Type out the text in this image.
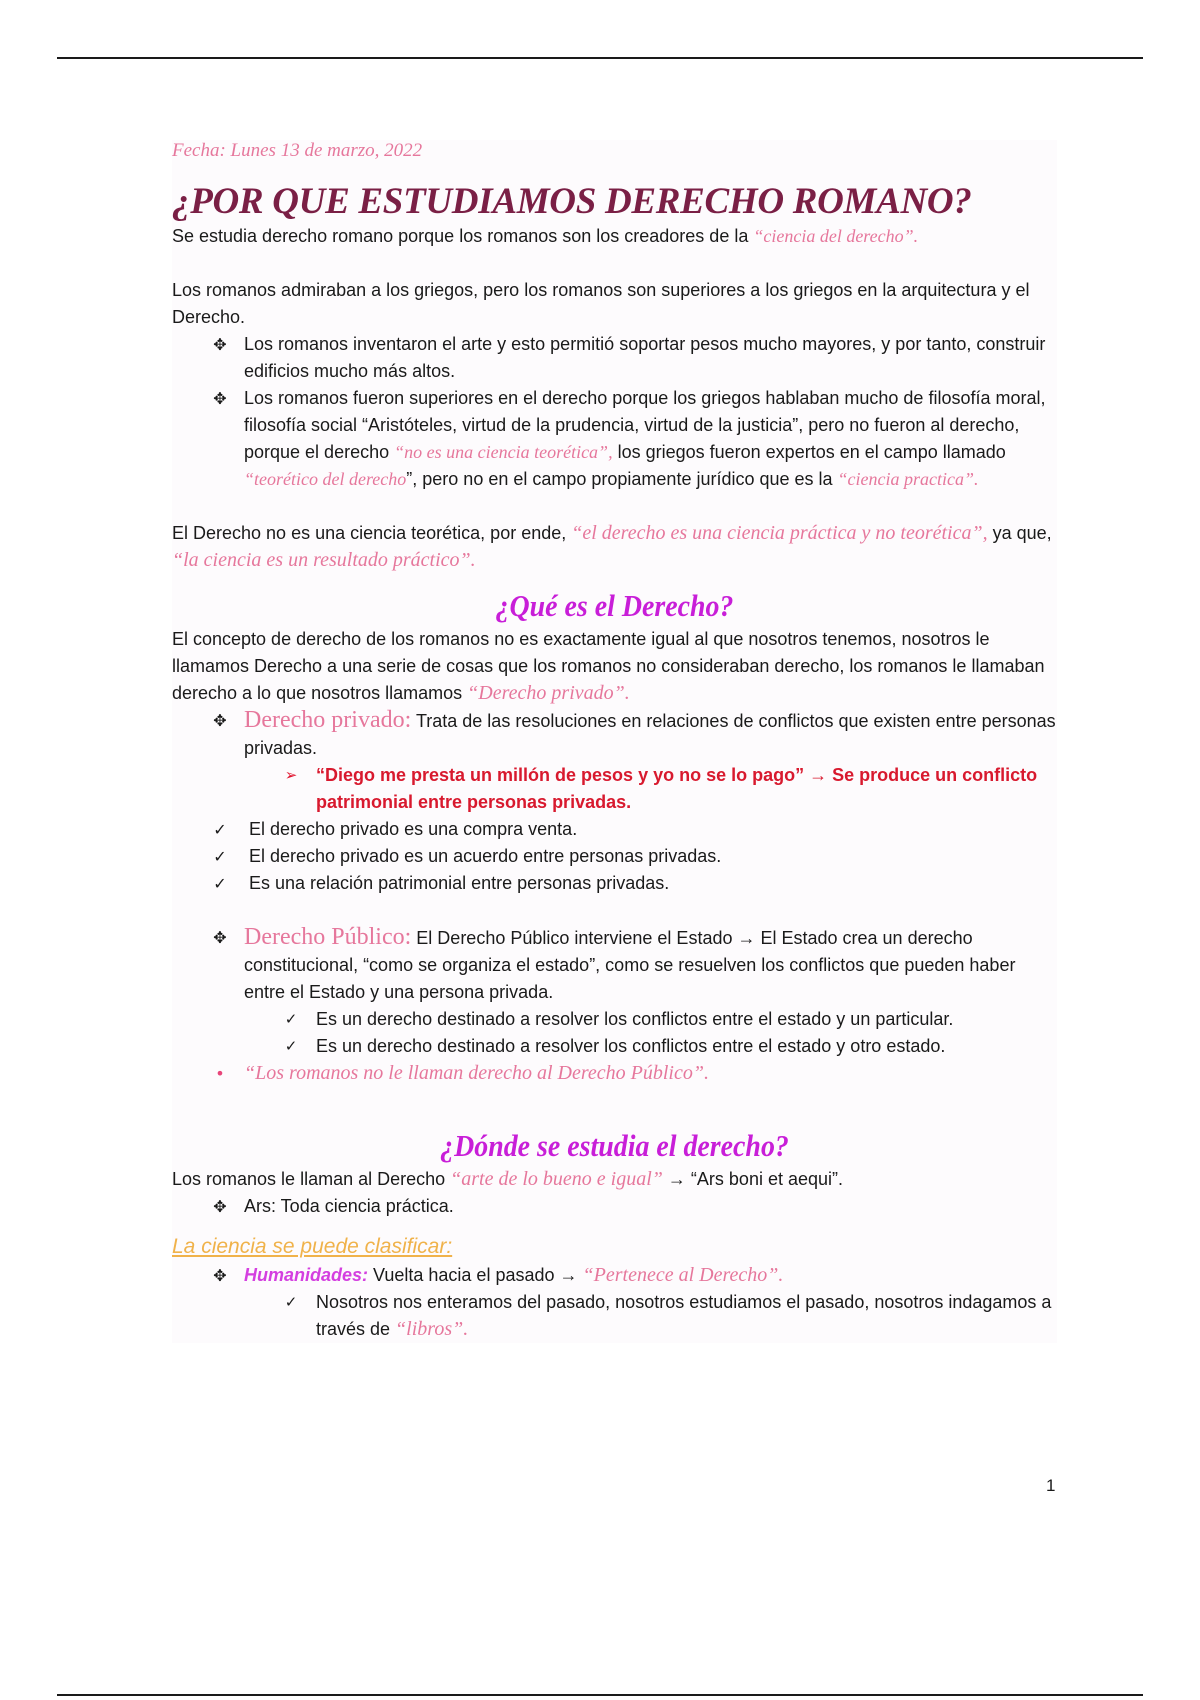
Fecha: Lunes 13 de marzo, 2022
¿POR QUE ESTUDIAMOS DERECHO ROMANO?

Se estudia derecho romano porque los romanos son los creadores de la “ciencia del derecho”.

Los romanos admiraban a los griegos, pero los romanos son superiores a los griegos en la arquitectura y el Derecho.

✥ Los romanos inventaron el arte y esto permitió soportar pesos mucho mayores, y por tanto, construir edificios mucho más altos.
✥ Los romanos fueron superiores en el derecho porque los griegos hablaban mucho de filosofía moral, filosofía social “Aristóteles, virtud de la prudencia, virtud de la justicia”, pero no fueron al derecho, porque el derecho “no es una ciencia teorética”, los griegos fueron expertos en el campo llamado “teorético del derecho”, pero no en el campo propiamente jurídico que es la “ciencia practica”.

El Derecho no es una ciencia teorética, por ende, “el derecho es una ciencia práctica y no teorética”, ya que, “la ciencia es un resultado práctico”.

¿Qué es el Derecho?

El concepto de derecho de los romanos no es exactamente igual al que nosotros tenemos, nosotros le llamamos Derecho a una serie de cosas que los romanos no consideraban derecho, los romanos le llamaban derecho a lo que nosotros llamamos “Derecho privado”.

✥ Derecho privado: Trata de las resoluciones en relaciones de conflictos que existen entre personas privadas.
➢ “Diego me presta un millón de pesos y yo no se lo pago” → Se produce un conflicto patrimonial entre personas privadas.
✓ El derecho privado es una compra venta.
✓ El derecho privado es un acuerdo entre personas privadas.
✓ Es una relación patrimonial entre personas privadas.
✥ Derecho Público: El Derecho Público interviene el Estado → El Estado crea un derecho constitucional, “como se organiza el estado”, como se resuelven los conflictos que pueden haber entre el Estado y una persona privada.
✓ Es un derecho destinado a resolver los conflictos entre el estado y un particular.
✓ Es un derecho destinado a resolver los conflictos entre el estado y otro estado.
• “Los romanos no le llaman derecho al Derecho Público”.
¿Dónde se estudia el derecho?

Los romanos le llaman al Derecho “arte de lo bueno e igual” → “Ars boni et aequi”.

✥ Ars: Toda ciencia práctica.
La ciencia se puede clasificar:
✥ Humanidades: Vuelta hacia el pasado → “Pertenece al Derecho”.
✓ Nosotros nos enteramos del pasado, nosotros estudiamos el pasado, nosotros indagamos a través de “libros”.
1
